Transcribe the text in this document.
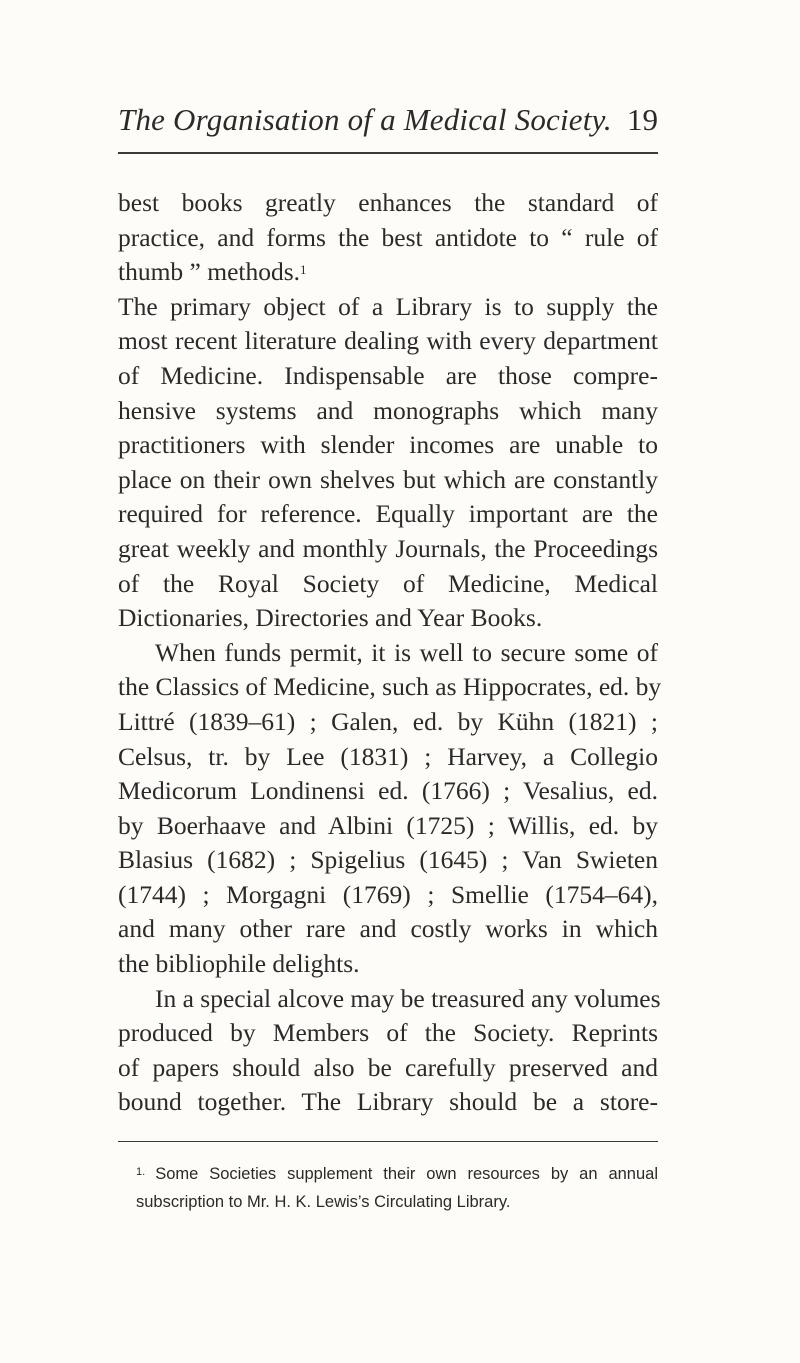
The Organisation of a Medical Society. 19
best books greatly enhances the standard of
practice, and forms the best antidote to “ rule of
thumb ” methods.$^1$
The primary object of a Library is to supply the
most recent literature dealing with every department
of Medicine. Indispensable are those compre-
hensive systems and monographs which many
practitioners with slender incomes are unable to
place on their own shelves but which are constantly
required for reference. Equally important are the
great weekly and monthly Journals, the Proceedings
of the Royal Society of Medicine, Medical
Dictionaries, Directories and Year Books.
When funds permit, it is well to secure some of
the Classics of Medicine, such as Hippocrates, ed. by
Littré (1839–61) ; Galen, ed. by Kühn (1821) ;
Celsus, tr. by Lee (1831) ; Harvey, a Collegio
Medicorum Londinensi ed. (1766) ; Vesalius, ed.
by Boerhaave and Albini (1725) ; Willis, ed. by
Blasius (1682) ; Spigelius (1645) ; Van Swieten
(1744) ; Morgagni (1769) ; Smellie (1754–64),
and many other rare and costly works in which
the bibliophile delights.
In a special alcove may be treasured any volumes
produced by Members of the Society. Reprints
of papers should also be carefully preserved and
bound together. The Library should be a store-
$^{1.}$ Some Societies supplement their own resources by an annual
subscription to Mr. H. K. Lewis’s Circulating Library.
